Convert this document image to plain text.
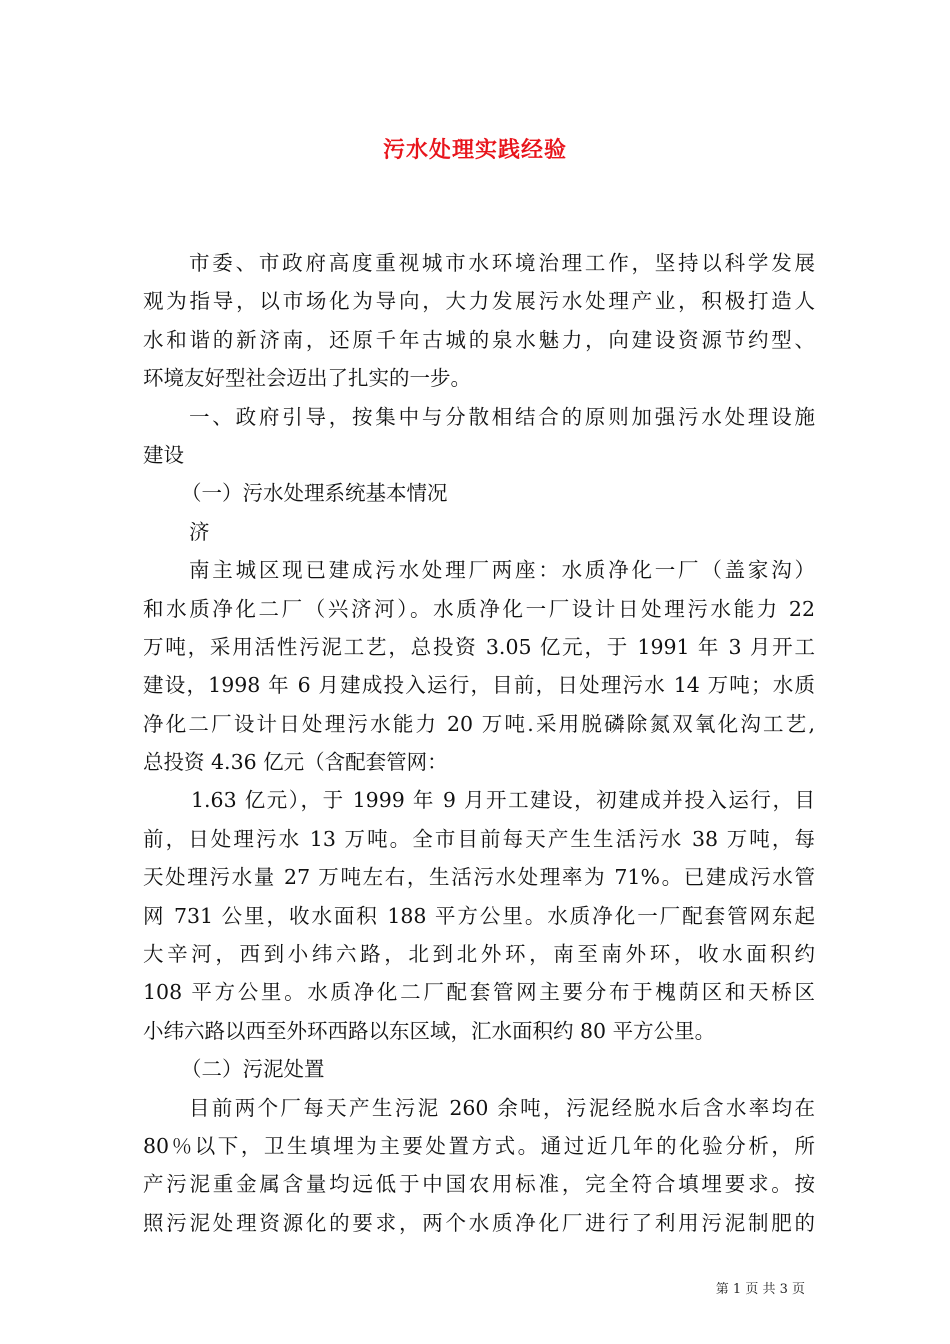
污水处理实践经验
市委、市政府高度重视城市水环境治理工作，坚持以科学发展
观为指导，以市场化为导向，大力发展污水处理产业，积极打造人
水和谐的新济南，还原千年古城的泉水魅力，向建设资源节约型、
环境友好型社会迈出了扎实的一步。
一、政府引导，按集中与分散相结合的原则加强污水处理设施
建设
（一）污水处理系统基本情况
济
南主城区现已建成污水处理厂两座：水质净化一厂（盖家沟）
和水质净化二厂（兴济河）。水质净化一厂设计日处理污水能力 22
万吨，采用活性污泥工艺，总投资 3.05 亿元，于 1991 年 3 月开工
建设，1998 年 6 月建成投入运行，目前，日处理污水 14 万吨；水质
净化二厂设计日处理污水能力 20 万吨.采用脱磷除氮双氧化沟工艺,
总投资 4.36 亿元（含配套管网：
1.63 亿元），于 1999 年 9 月开工建设，初建成并投入运行，目
前，日处理污水 13 万吨。全市目前每天产生生活污水 38 万吨，每
天处理污水量 27 万吨左右，生活污水处理率为 71%。已建成污水管
网 731 公里，收水面积 188 平方公里。水质净化一厂配套管网东起
大辛河，西到小纬六路，北到北外环，南至南外环，收水面积约
108 平方公里。水质净化二厂配套管网主要分布于槐荫区和天桥区
小纬六路以西至外环西路以东区域，汇水面积约 80 平方公里。
（二）污泥处置
目前两个厂每天产生污泥 260 余吨，污泥经脱水后含水率均在
80％以下，卫生填埋为主要处置方式。通过近几年的化验分析，所
产污泥重金属含量均远低于中国农用标准，完全符合填埋要求。按
照污泥处理资源化的要求，两个水质净化厂进行了利用污泥制肥的
第 1 页 共 3 页
